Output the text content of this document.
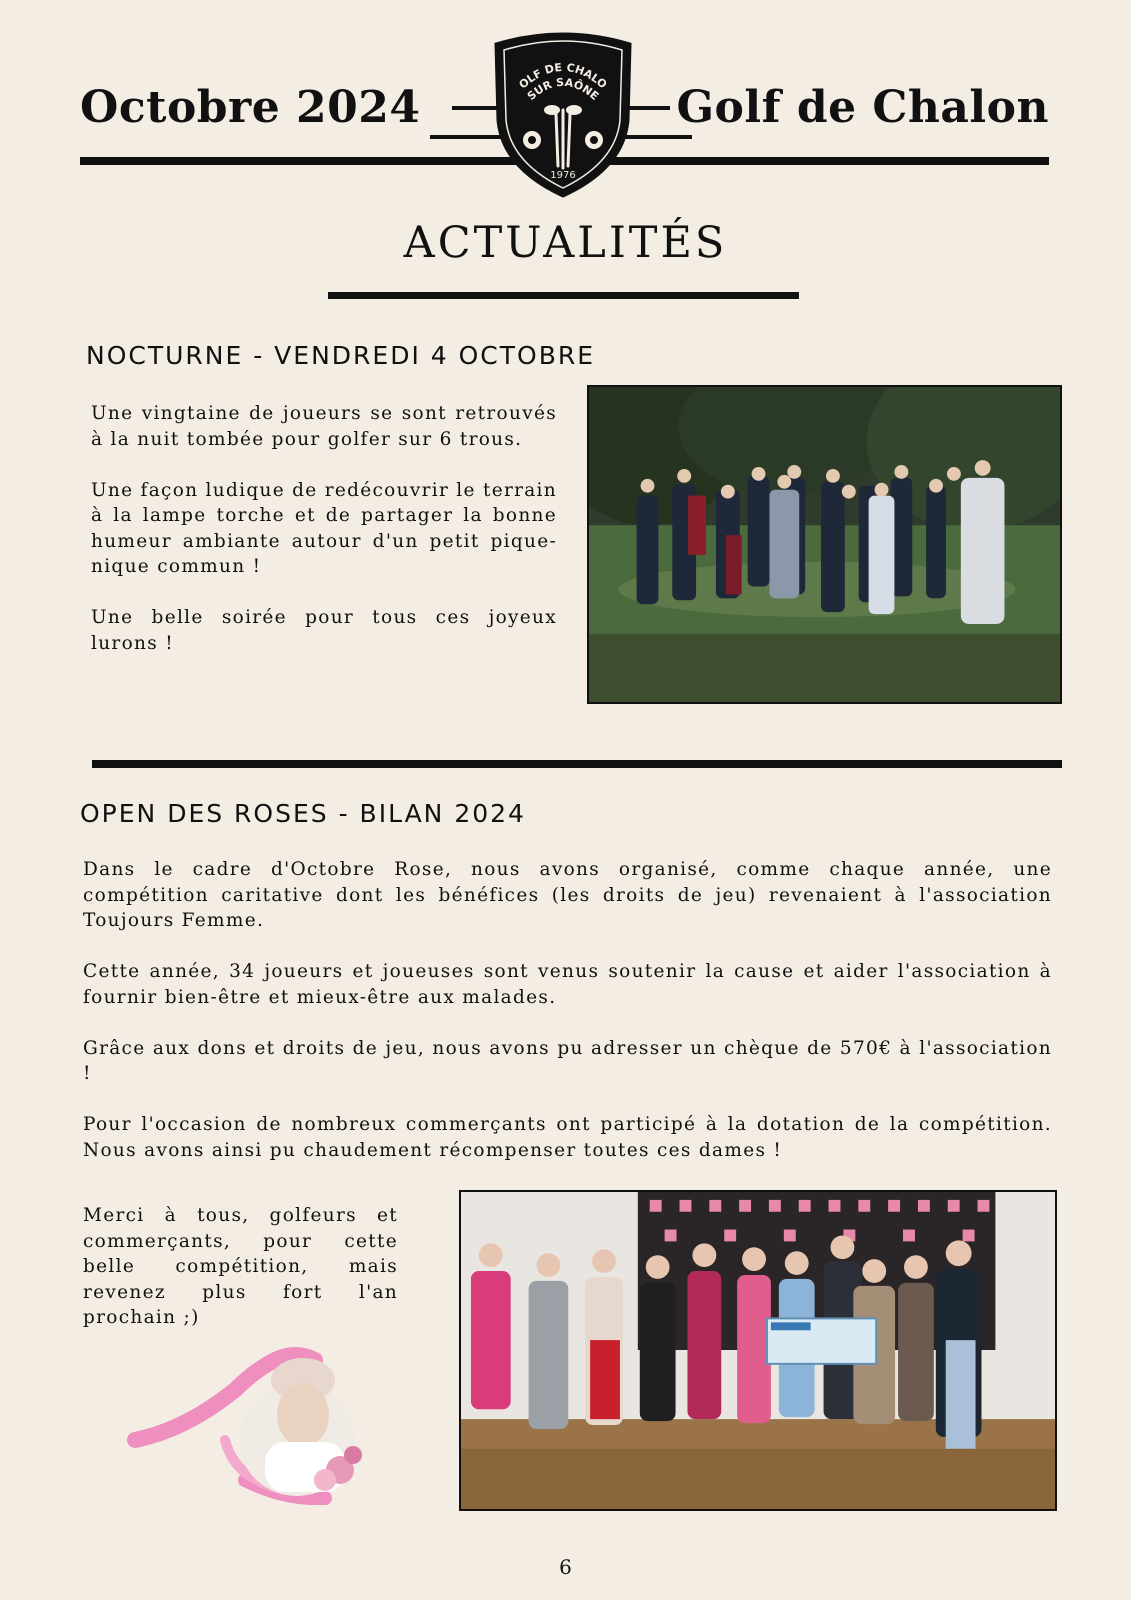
Octobre 2024	Golf de Chalon
OLF DE CHALO
SUR SAÔNE
1976
ACTUALITÉS
NOCTURNE - VENDREDI 4 OCTOBRE

Une vingtaine de joueurs se sont retrouvés à la nuit tombée pour golfer sur 6 trous.

Une façon ludique de redécouvrir le terrain à la lampe torche et de partager la bonne humeur ambiante autour d'un petit pique-nique commun !

Une belle soirée pour tous ces joyeux lurons !

OPEN DES ROSES - BILAN 2024

Dans le cadre d'Octobre Rose, nous avons organisé, comme chaque année, une compétition caritative dont les bénéfices (les droits de jeu) revenaient à l'association Toujours Femme.

Cette année, 34 joueurs et joueuses sont venus soutenir la cause et aider l'association à fournir bien-être et mieux-être aux malades.

Grâce aux dons et droits de jeu, nous avons pu adresser un chèque de 570€ à l'association !

Pour l'occasion de nombreux commerçants ont participé à la dotation de la compétition. Nous avons ainsi pu chaudement récompenser toutes ces dames !

Merci à tous, golfeurs et commerçants, pour cette belle compétition, mais revenez plus fort l'an prochain ;)
6
